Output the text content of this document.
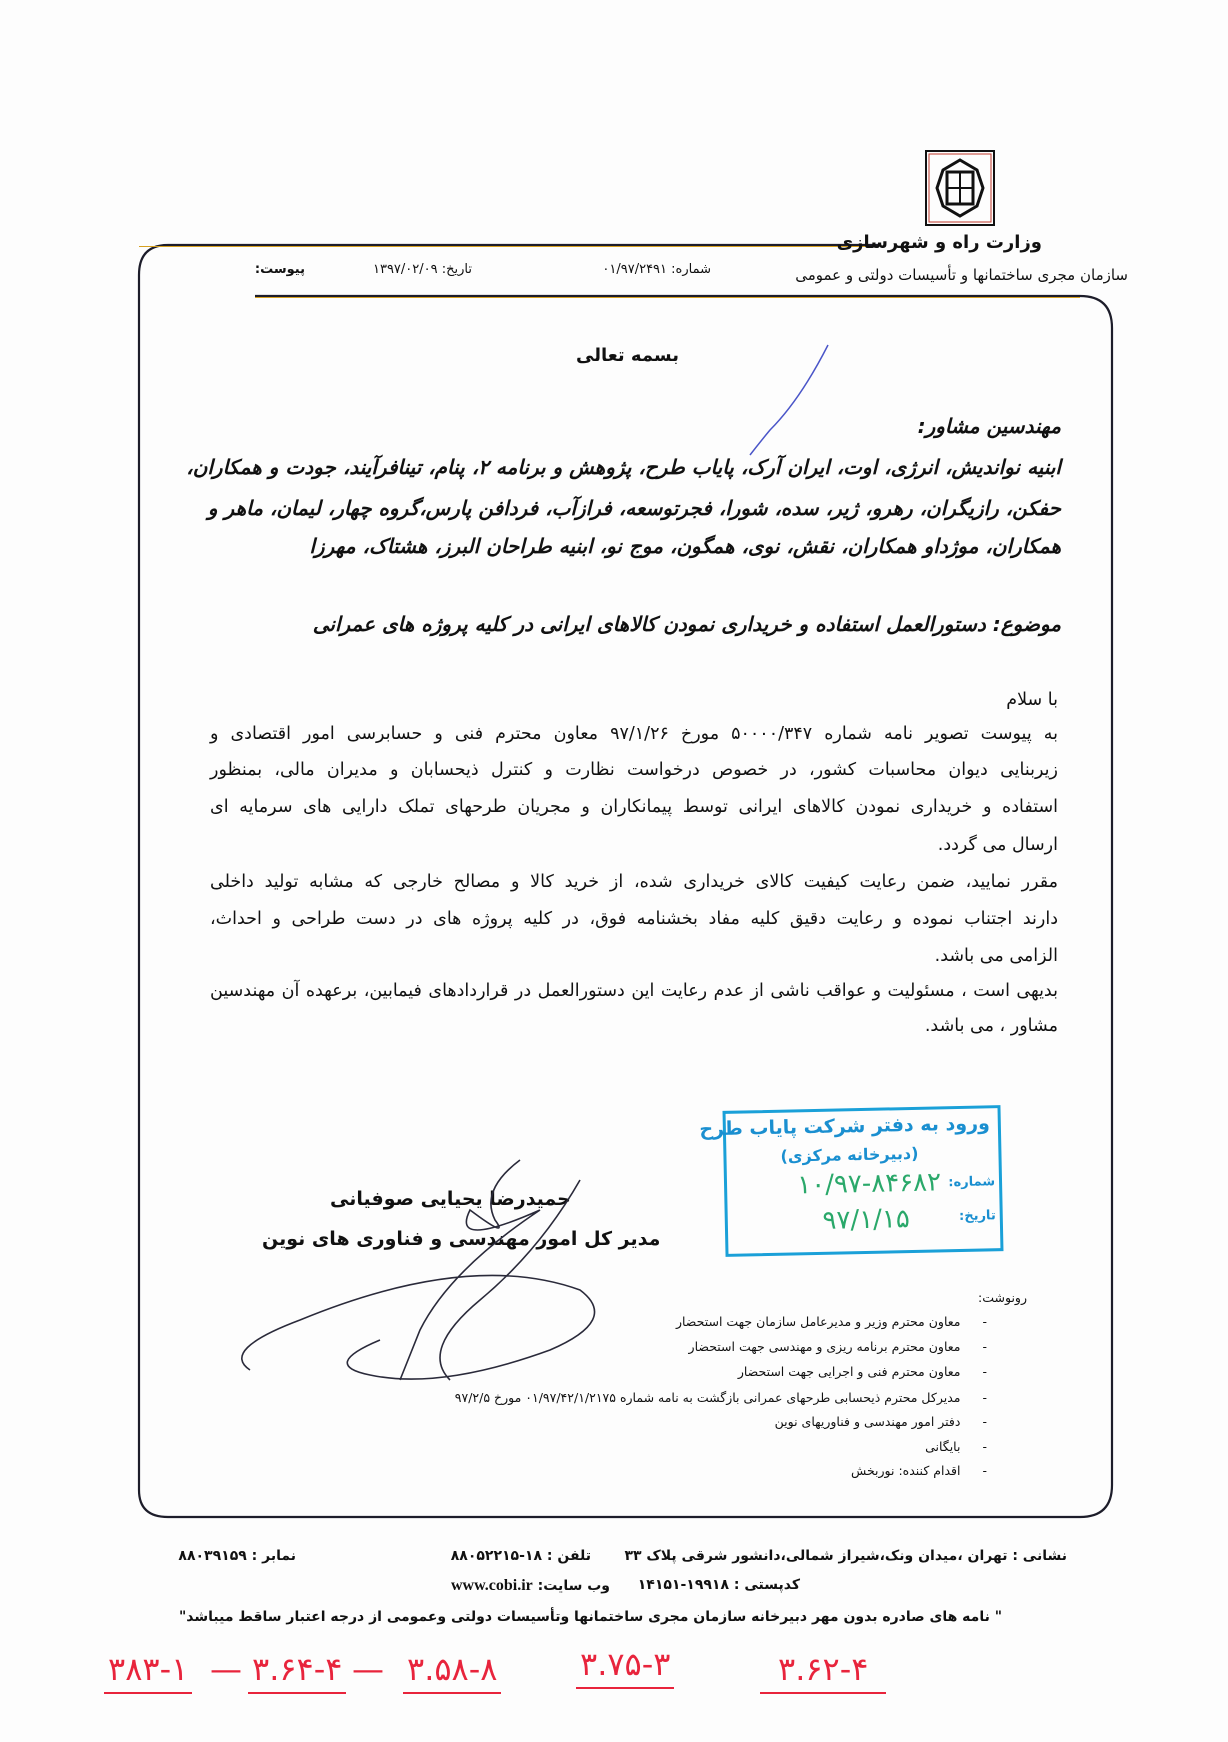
وزارت راه و شهرسازی
سازمان مجری ساختمانها و تأسیسات دولتی و عمومی
شماره: ۰۱/۹۷/۲۴۹۱
تاریخ: ۱۳۹۷/۰۲/۰۹
پیوست:
بسمه تعالی
مهندسین مشاور:
ابنیه نواندیش، انرژی، اوت، ایران آرک، پایاب طرح، پژوهش و برنامه ۲، پنام، تینافرآیند، جودت و همکاران،
حفکن، رازیگران، رهرو، ژیر، سده، شورا، فجرتوسعه، فرازآب، فردافن پارس،گروه چهار، لیمان، ماهر و
همکاران، موژداو همکاران، نقش، نوی، همگون، موج نو، ابنیه طراحان البرز، هشتاک، مهرزا
موضوع: دستورالعمل استفاده و خریداری نمودن کالاهای ایرانی در کلیه پروژه های عمرانی
با سلام
به پیوست تصویر نامه شماره ۵۰۰۰۰/۳۴۷ مورخ ۹۷/۱/۲۶ معاون محترم فنی و حسابرسی امور اقتصادی و
زیربنایی دیوان محاسبات کشور، در خصوص درخواست نظارت و کنترل ذیحسابان و مدیران مالی، بمنظور
استفاده و خریداری نمودن کالاهای ایرانی توسط پیمانکاران و مجریان طرحهای تملک دارایی های سرمایه ای
ارسال می گردد.
مقرر نمایید، ضمن رعایت کیفیت کالای خریداری شده، از خرید کالا و مصالح خارجی که مشابه تولید داخلی
دارند اجتناب نموده و رعایت دقیق کلیه مفاد بخشنامه فوق، در کلیه پروژه های در دست طراحی و احداث،
الزامی می باشد.
بدیهی است ، مسئولیت و عواقب ناشی از عدم رعایت این دستورالعمل در قراردادهای فیمابین، برعهده آن مهندسین
مشاور ، می باشد.
حمیدرضا یحیایی صوفیانی
مدیر کل امور مهندسی و فناوری های نوین
ورود به دفتر شرکت پایاب طرح
(دبیرخانه مرکزی)
شماره:
۱۰/۹۷-۸۴۶۸۲
تاریخ:
۹۷/۱/۱۵
رونوشت:
-معاون محترم وزیر و مدیرعامل سازمان جهت استحضار
-معاون محترم برنامه ریزی و مهندسی جهت استحضار
-معاون محترم فنی و اجرایی جهت استحضار
-مدیرکل محترم ذیحسابی طرحهای عمرانی بازگشت به نامه شماره ۰۱/۹۷/۴۲/۱/۲۱۷۵ مورخ ۹۷/۲/۵
-دفتر امور مهندسی و فناوریهای نوین
-بایگانی
-اقدام کننده: نوربخش
نشانی : تهران ،میدان ونک،شیراز شمالی،دانشور شرقی پلاک ۳۳
تلفن : ۱۸-۸۸۰۵۲۲۱۵
نمابر : ۸۸۰۳۹۱۵۹
کدپستی : ۱۹۹۱۸-۱۴۱۵۱
وب سایت: www.cobi.ir
" نامه های صادره بدون مهر دبیرخانه سازمان مجری ساختمانها وتأسیسات دولتی وعمومی از درجه اعتبار ساقط میباشد"
۳.۶۲-۴
۳.۷۵-۳
۳.۵۸-۸
۳.۶۴-۴ —
—
۳۸۳-۱
